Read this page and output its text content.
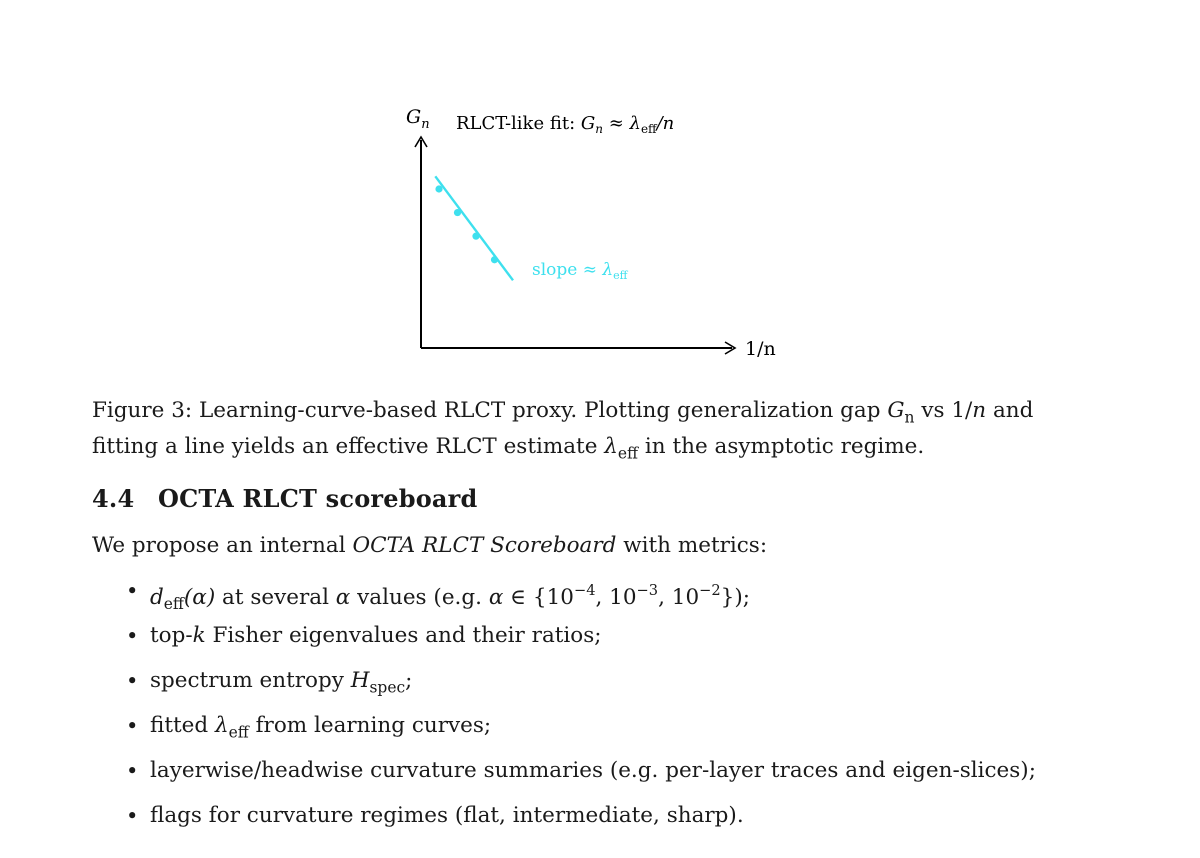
$G_n$ RLCT-like fit: $G_n \approx \lambda_{eff}/n$
slope ≈ $\lambda_{eff}$
1/n
Figure 3: Learning-curve-based RLCT proxy. Plotting generalization gap $G_n$ vs 1/n and fitting a line yields an effective RLCT estimate $\lambda_{eff}$ in the asymptotic regime.
4.4 OCTA RLCT scoreboard
We propose an internal OCTA RLCT Scoreboard with metrics:
• $d_{eff}(\alpha)$ at several α values (e.g. α ∈ {$10^{-4}$, $10^{-3}$, $10^{-2}$});
• top-k Fisher eigenvalues and their ratios;
• spectrum entropy $H_{spec}$;
• fitted $\lambda_{eff}$ from learning curves;
• layerwise/headwise curvature summaries (e.g. per-layer traces and eigen-slices);
• flags for curvature regimes (flat, intermediate, sharp).
